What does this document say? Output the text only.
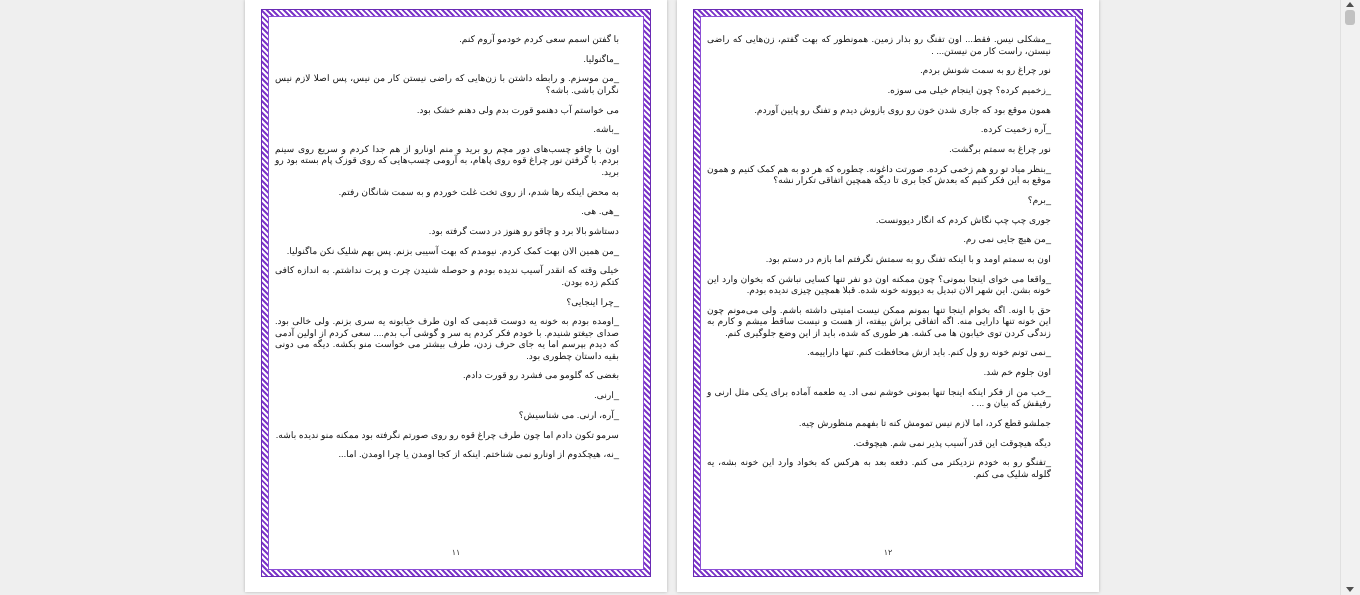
با گفتن اسمم سعی کردم خودمو آروم کنم.

_ماگنولیا.

_من موسزم. و رابطه داشتن با زن‌هایی که راضی نیستن کار من نیس، پس اصلا لازم نیس نگران باشی. باشه؟

می خواستم آب دهنمو قورت بدم ولی دهنم خشک بود.

_باشه.

اون با چاقو چسب‌های دور مچم رو برید و منم اونارو از هم جدا کردم و سریع روی سینم بردم. با گرفتن نور چراغ قوه روی پاهام، به آرومی چسب‌هایی که روی قوزک پام بسته بود رو برید.

به محض اینکه رها شدم، از روی تخت غلت خوردم و به سمت شانگان رفتم.

_هی. هی.

دستاشو بالا برد و چاقو رو هنوز در دست گرفته بود.

_من همین الان بهت کمک کردم. نیومدم که بهت آسیبی بزنم. پس بهم شلیک نکن ماگنولیا.

خیلی وقته که انقدر آسیب ندیده بودم و حوصله شنیدن چرت و پرت نداشتم. به اندازه کافی کتکم زده بودن.

_چرا اینجایی؟

_اومده بودم به خونه یه دوست قدیمی که اون طرف خیابونه یه سری بزنم. ولی خالی بود. صدای جیغتو شنیدم. با خودم فکر کردم یه سر و گوشی آب بدم.... سعی کردم از اولین آدمی که دیدم بپرسم اما یه جای حرف زدن، طرف بیشتر می خواست منو بکشه. دیگه می دونی بقیه داستان چطوری بود.

بغضی که گلومو می فشرد رو قورت دادم.

_ارنی.

_آره، ارنی. می شناسیش؟

سرمو تکون دادم اما چون طرف چراغ قوه رو روی صورتم نگرفته بود ممکنه منو ندیده باشه.

_نه، هیچکدوم از اونارو نمی شناختم. اینکه از کجا اومدن یا چرا اومدن. اما...

۱۱

_مشکلی نیس. فقط... اون تفنگ رو بذار زمین. همونطور که بهت گفتم، زن‌هایی که راضی نیستن، راست کار من نیستن... .

نور چراغ رو به سمت شونش بردم.

_زخمیم کرده؟ چون اینجام خیلی می سوزه.

همون موقع بود که جاری شدن خون رو روی بازوش دیدم و تفنگ رو پایین آوردم.

_آره زخمیت کرده.

نور چراغ به سمتم برگشت.

_بنظر میاد تو رو هم زخمی کرده. صورتت داغونه. چطوره که هر دو به هم کمک کنیم و همون موقع به این فکر کنیم که بعدش کجا بری تا دیگه همچین اتفاقی تکرار نشه؟

_برم؟

جوری چپ چپ نگاش کردم که انگار دیوونست.

_من هیچ جایی نمی رم.

اون به سمتم اومد و با اینکه تفنگ رو به سمتش نگرفتم اما بازم در دستم بود.

_واقعا می خوای اینجا بمونی؟ چون ممکنه اون دو نفر تنها کسایی نباشن که بخوان وارد این خونه بشن. این شهر الان تبدیل به دیوونه خونه شده. قبلا همچین چیزی ندیده بودم.

حق با اونه. اگه بخوام اینجا تنها بمونم ممکن نیست امنیتی داشته باشم. ولی می‌مونم چون این خونه تنها دارایی منه. اگه اتفاقی براش بیفته، از هست و نیست ساقط میشم و کارم به زندگی کردن توی خیابون ها می کشه. هر طوری که شده، باید از این وضع جلوگیری کنم.

_نمی تونم خونه رو ول کنم. باید ازش محافظت کنم. تنها داراییمه.

اون جلوم خم شد.

_خب من از فکر اینکه اینجا تنها بمونی خوشم نمی اد. یه طعمه آماده برای یکی مثل ارنی و رفیقش که بیان و ... .

جملشو قطع کرد، اما لازم نیس تمومش کنه تا بفهمم منظورش چیه.

دیگه هیچوقت این قدر آسیب پذیر نمی شم. هیچوقت.

_تفنگو رو به خودم نزدیکتر می کنم. دفعه بعد به هرکس که بخواد وارد این خونه بشه، یه گلوله شلیک می کنم.

۱۲
